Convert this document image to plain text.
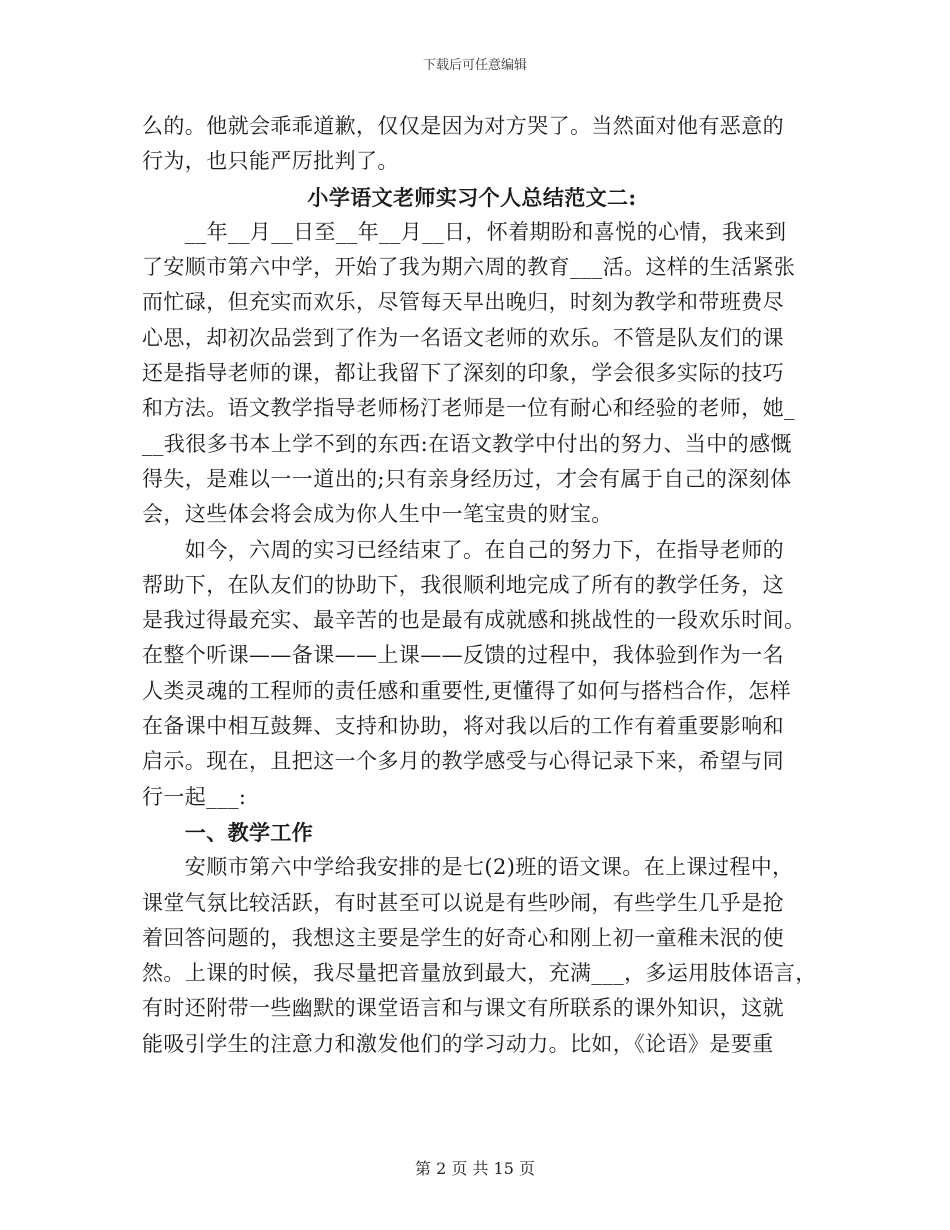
下载后可任意编辑
么的。他就会乖乖道歉，仅仅是因为对方哭了。当然面对他有恶意的
行为，也只能严厉批判了。
小学语文老师实习个人总结范文二:
　　__年__月__日至__年__月__日，怀着期盼和喜悦的心情，我来到
了安顺市第六中学，开始了我为期六周的教育___活。这样的生活紧张
而忙碌，但充实而欢乐，尽管每天早出晚归，时刻为教学和带班费尽
心思，却初次品尝到了作为一名语文老师的欢乐。不管是队友们的课
还是指导老师的课，都让我留下了深刻的印象，学会很多实际的技巧
和方法。语文教学指导老师杨汀老师是一位有耐心和经验的老师，她_
__我很多书本上学不到的东西:在语文教学中付出的努力、当中的感慨
得失，是难以一一道出的;只有亲身经历过，才会有属于自己的深刻体
会，这些体会将会成为你人生中一笔宝贵的财宝。
　　如今，六周的实习已经结束了。在自己的努力下，在指导老师的
帮助下，在队友们的协助下，我很顺利地完成了所有的教学任务，这
是我过得最充实、最辛苦的也是最有成就感和挑战性的一段欢乐时间。
在整个听课——备课——上课——反馈的过程中，我体验到作为一名
人类灵魂的工程师的责任感和重要性,更懂得了如何与搭档合作，怎样
在备课中相互鼓舞、支持和协助，将对我以后的工作有着重要影响和
启示。现在，且把这一个多月的教学感受与心得记录下来，希望与同
行一起___:
　　一、教学工作
　　安顺市第六中学给我安排的是七(2)班的语文课。在上课过程中，
课堂气氛比较活跃，有时甚至可以说是有些吵闹，有些学生几乎是抢
着回答问题的，我想这主要是学生的好奇心和刚上初一童稚未泯的使
然。上课的时候，我尽量把音量放到最大，充满___，多运用肢体语言，
有时还附带一些幽默的课堂语言和与课文有所联系的课外知识，这就
能吸引学生的注意力和激发他们的学习动力。比如，《论语》是要重
第 2 页 共 15 页
